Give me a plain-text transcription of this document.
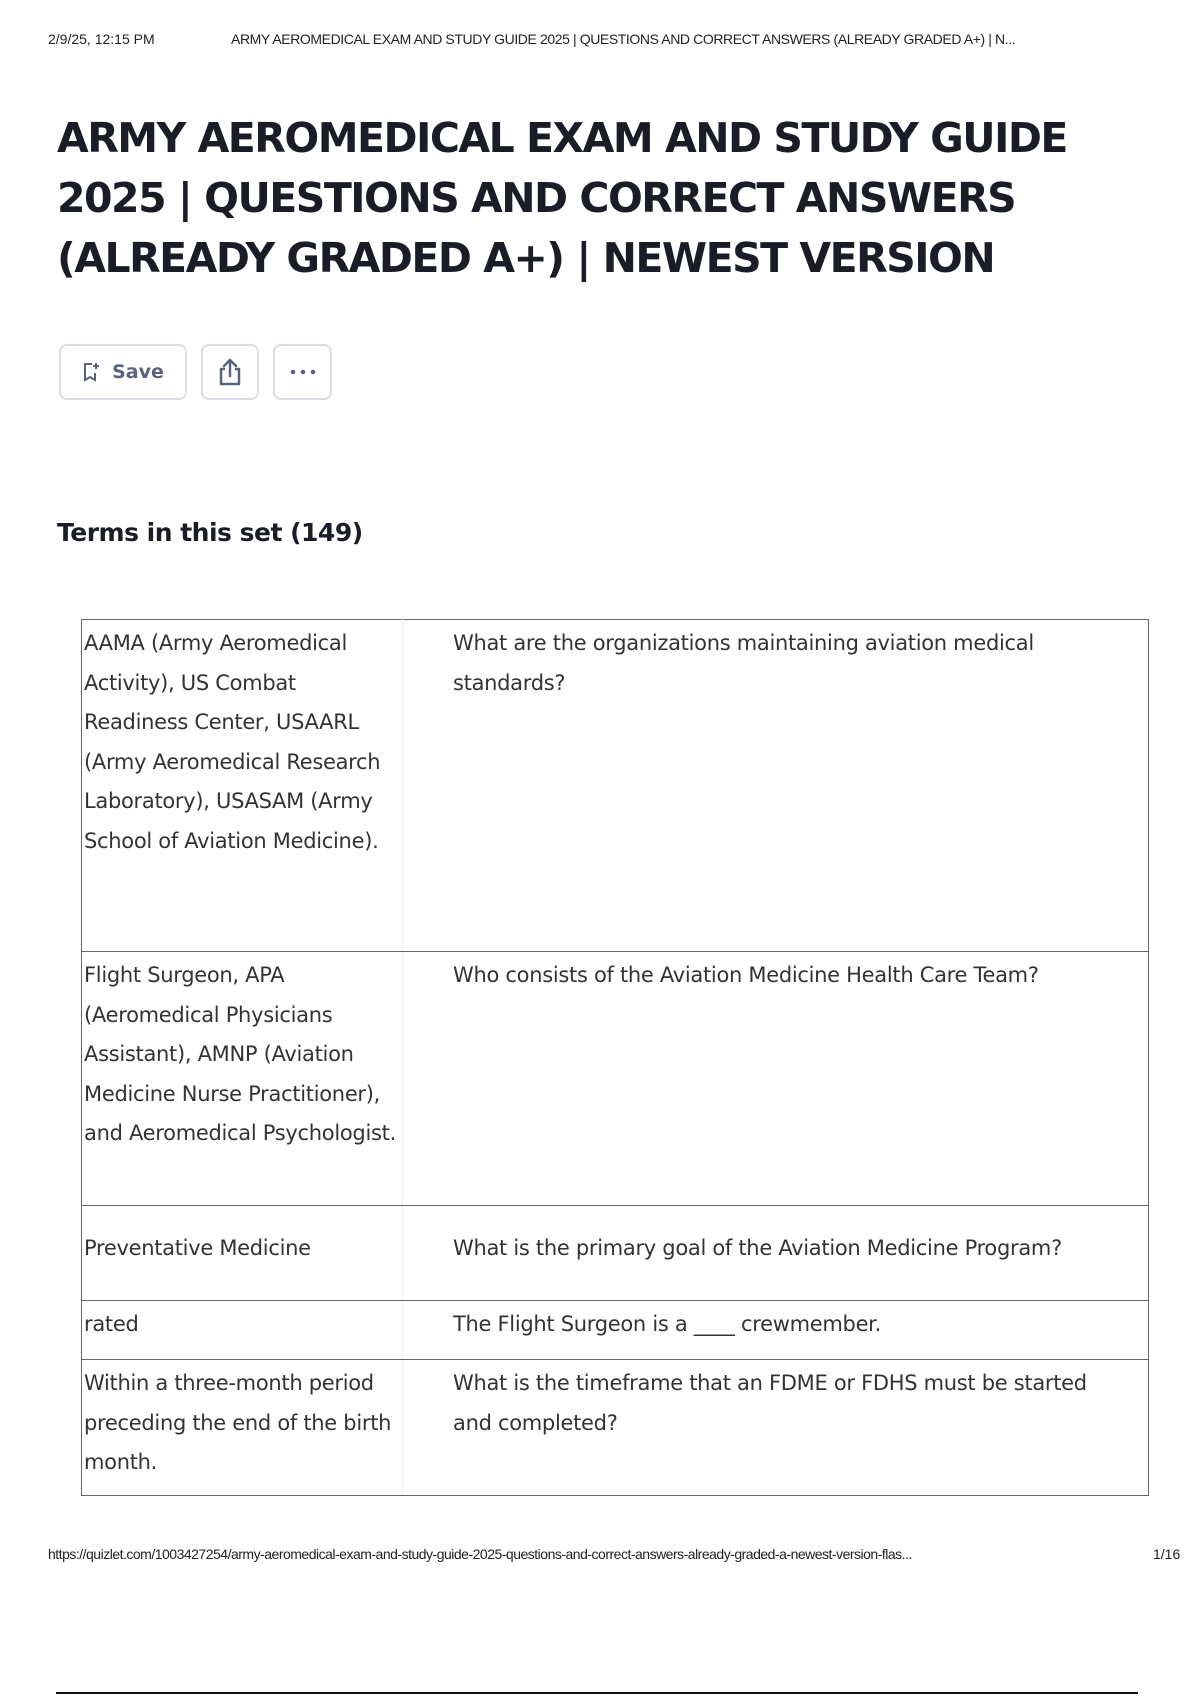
2/9/25, 12:15 PM	ARMY AEROMEDICAL EXAM AND STUDY GUIDE 2025 | QUESTIONS AND CORRECT ANSWERS (ALREADY GRADED A+) | N...
ARMY AEROMEDICAL EXAM AND STUDY GUIDE 2025 | QUESTIONS AND CORRECT ANSWERS (ALREADY GRADED A+) | NEWEST VERSION
Save
Terms in this set (149)
AAMA (Army Aeromedical Activity), US Combat Readiness Center, USAARL (Army Aeromedical Research Laboratory), USASAM (Army School of Aviation Medicine).	What are the organizations maintaining aviation medical standards?
Flight Surgeon, APA (Aeromedical Physicians Assistant), AMNP (Aviation Medicine Nurse Practitioner), and Aeromedical Psychologist.	Who consists of the Aviation Medicine Health Care Team?
Preventative Medicine	What is the primary goal of the Aviation Medicine Program?
rated	The Flight Surgeon is a ____ crewmember.
Within a three-month period preceding the end of the birth month.	What is the timeframe that an FDME or FDHS must be started and completed?
https://quizlet.com/1003427254/army-aeromedical-exam-and-study-guide-2025-questions-and-correct-answers-already-graded-a-newest-version-flas...	1/16
